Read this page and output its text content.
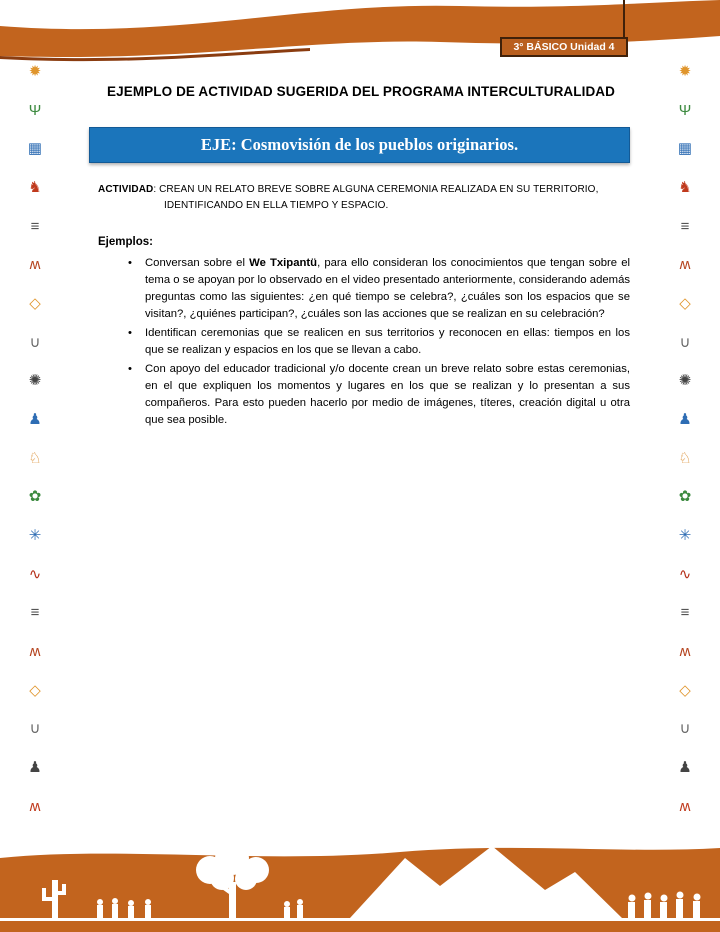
3° BÁSICO Unidad 4
✹
Ψ
▦
♞
≡
ʍ
◇
∪
✺
♟
♘
✿
✳
∿
≡
ʍ
◇
∪
♟
ʍ
✹
Ψ
▦
♞
≡
ʍ
◇
∪
✺
♟
♘
✿
✳
∿
≡
ʍ
◇
∪
♟
ʍ
EJEMPLO DE ACTIVIDAD SUGERIDA DEL PROGRAMA INTERCULTURALIDAD
EJE: Cosmovisión de los pueblos originarios.
ACTIVIDAD: CREAN UN RELATO BREVE SOBRE ALGUNA CEREMONIA REALIZADA EN SU TERRITORIO,
IDENTIFICANDO EN ELLA TIEMPO Y ESPACIO.
Ejemplos:
• Conversan sobre el We Txipantü, para ello consideran los conocimientos que tengan sobre el tema o se apoyan por lo observado en el video presentado anteriormente, considerando además preguntas como las siguientes: ¿en qué tiempo se celebra?, ¿cuáles son los espacios que se visitan?, ¿quiénes participan?, ¿cuáles son las acciones que se realizan en su celebración?
• Identifican ceremonias que se realicen en sus territorios y reconocen en ellas: tiempos en los que se realizan y espacios en los que se llevan a cabo.
• Con apoyo del educador tradicional y/o docente crean un breve relato sobre estas ceremonias, en el que expliquen los momentos y lugares en los que se realizan y lo presentan a sus compañeros. Para esto pueden hacerlo por medio de imágenes, títeres, creación digital u otra que sea posible.
